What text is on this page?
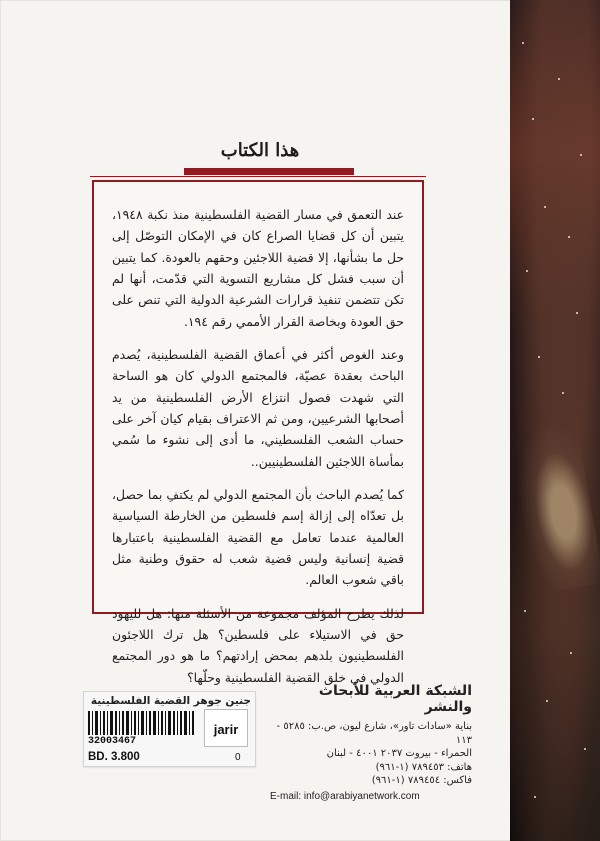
هذا الكتاب

عند التعمق في مسار القضية الفلسطينية منذ نكبة ١٩٤٨، يتبين أن كل قضايا الصراع كان في الإمكان التوصّل إلى حل ما بشأنها، إلا قضية اللاجئين وحقهم بالعودة. كما يتبين أن سبب فشل كل مشاريع التسوية التي قدّمت، أنها لم تكن تتضمن تنفيذ قرارات الشرعية الدولية التي تنص على حق العودة وبخاصة القرار الأممي رقم ١٩٤.

وعند الغوص أكثر في أعماق القضية الفلسطينية، يُصدم الباحث بعقدة عصيّة، فالمجتمع الدولي كان هو الساحة التي شهدت فصول انتزاع الأرض الفلسطينية من يد أصحابها الشرعيين، ومن ثم الاعتراف بقيام كيان آخر على حساب الشعب الفلسطيني، ما أدى إلى نشوء ما سُمي بمأساة اللاجئين الفلسطينيين..

كما يُصدم الباحث بأن المجتمع الدولي لم يكتفِ بما حصل، بل تعدّاه إلى إزالة إسم فلسطين من الخارطة السياسية العالمية عندما تعامل مع القضية الفلسطينية باعتبارها قضية إنسانية وليس قضية شعب له حقوق وطنية مثل باقي شعوب العالم.

لذلك يطرح المؤلف مجموعة من الأسئلة منها: هل لليهود حق في الاستيلاء على فلسطين؟ هل ترك اللاجئون الفلسطينيون بلدهم بمحض إرادتهم؟ ما هو دور المجتمع الدولي في خلق القضية الفلسطينية وحلّها؟

الشبكة العربية للأبحاث والنشر
بناية «سادات تاور»، شارع ليون، ص.ب: ٥٢٨٥ - ١١٣
الحمراء - بيروت ٢٠٣٧ ٤٠٠١ - لبنان
هاتف: ٧٨٩٤٥٣ (١-٩٦١)
فاكس: ٧٨٩٤٥٤ (١-٩٦١)
E-mail: info@arabiyanetwork.com
جنين جوهر القضية الفلسطينية
jarir
32003467
BD. 3.800	0
